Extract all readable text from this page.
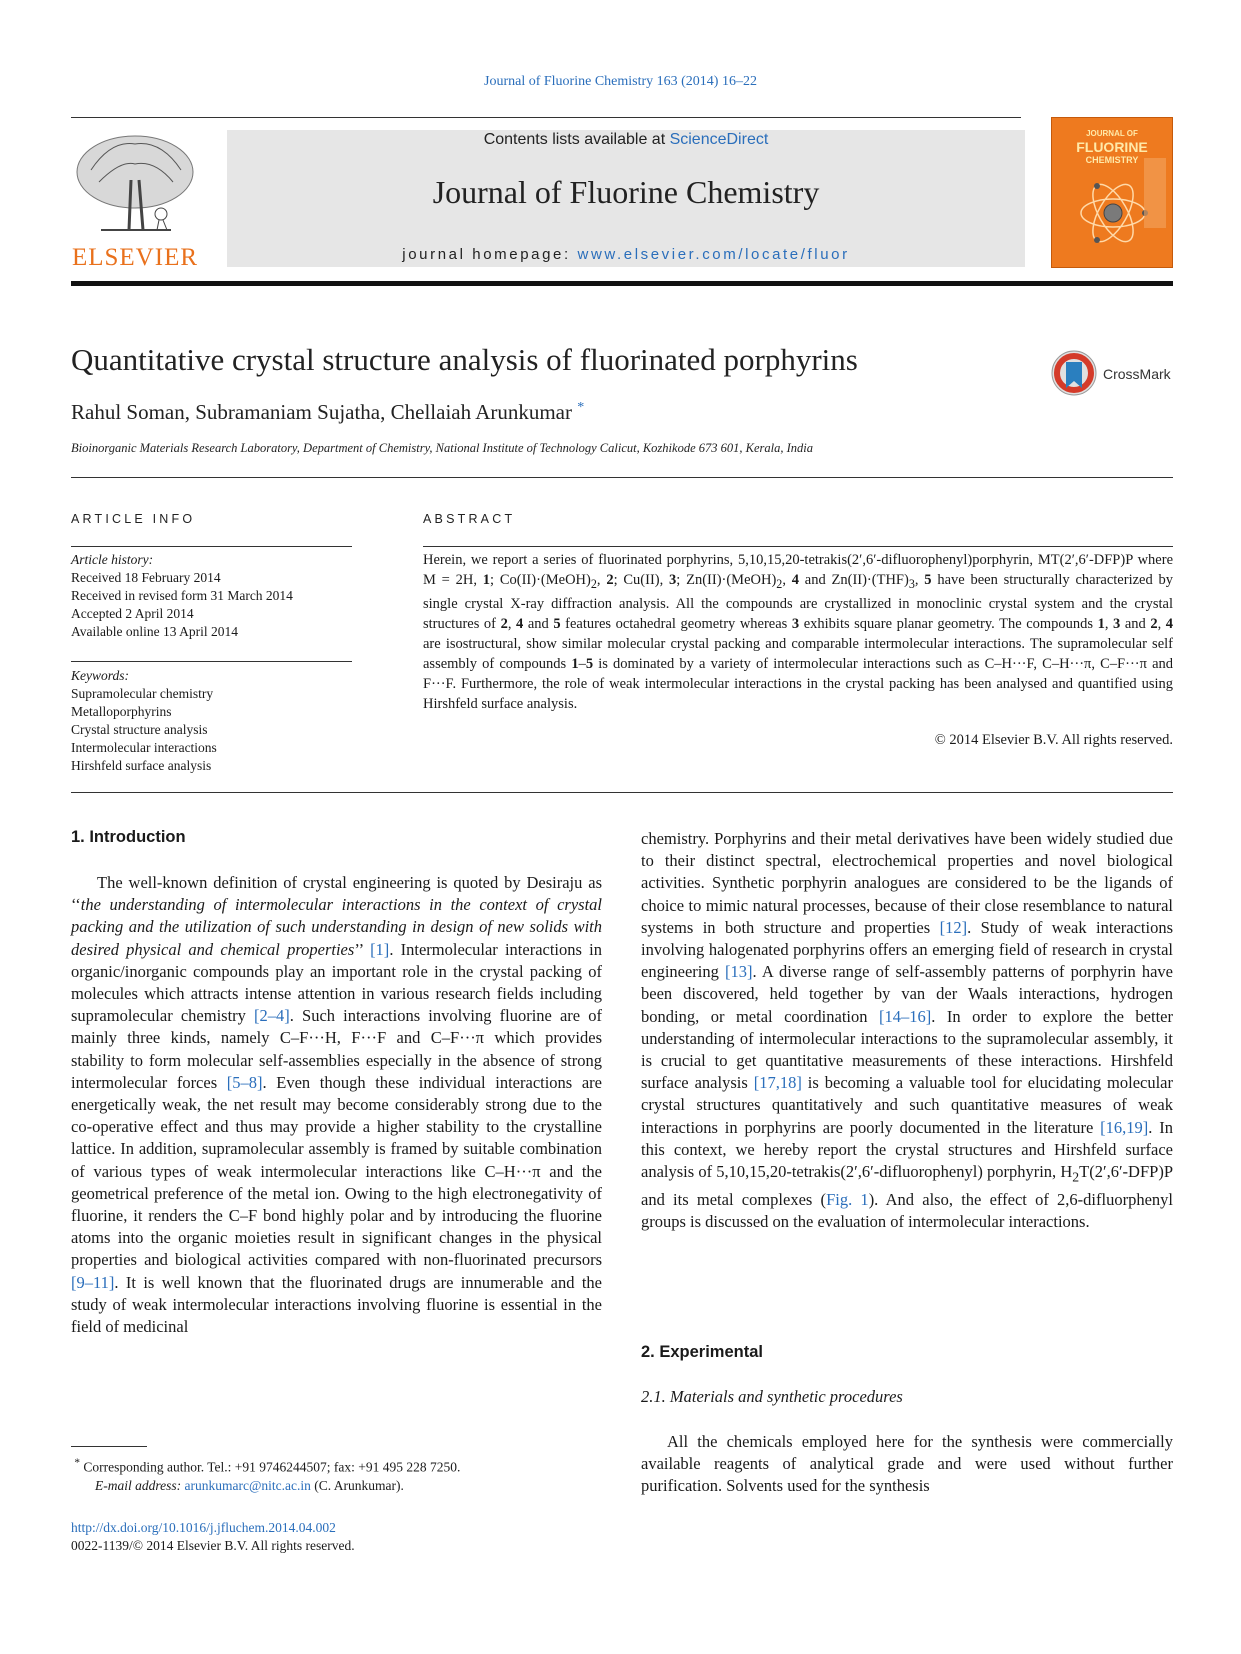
Journal of Fluorine Chemistry 163 (2014) 16–22
ELSEVIER
Contents lists available at ScienceDirect
Journal of Fluorine Chemistry
journal homepage: www.elsevier.com/locate/fluor
JOURNAL OF
FLUORINE
CHEMISTRY
Quantitative crystal structure analysis of fluorinated porphyrins	CrossMark
Rahul Soman, Subramaniam Sujatha, Chellaiah Arunkumar *
Bioinorganic Materials Research Laboratory, Department of Chemistry, National Institute of Technology Calicut, Kozhikode 673 601, Kerala, India
ARTICLE INFO	ABSTRACT
Article history:
Received 18 February 2014
Received in revised form 31 March 2014
Accepted 2 April 2014
Available online 13 April 2014
Keywords:
Supramolecular chemistry
Metalloporphyrins
Crystal structure analysis
Intermolecular interactions
Hirshfeld surface analysis
Herein, we report a series of fluorinated porphyrins, 5,10,15,20-tetrakis(2′,6′-difluorophenyl)porphyrin, MT(2′,6′-DFP)P where M = 2H, 1; $Co(II)\cdot(MeOH)_2$, 2; Cu(II), 3; $Zn(II)\cdot(MeOH)_2$, 4 and $Zn(II)\cdot(THF)_3$, 5 have been structurally characterized by single crystal X-ray diffraction analysis. All the compounds are crystallized in monoclinic crystal system and the crystal structures of 2, 4 and 5 features octahedral geometry whereas 3 exhibits square planar geometry. The compounds 1, 3 and 2, 4 are isostructural, show similar molecular crystal packing and comparable intermolecular interactions. The supramolecular self assembly of compounds 1–5 is dominated by a variety of intermolecular interactions such as C–H···F, C–H···π, C–F···π and F···F. Furthermore, the role of weak intermolecular interactions in the crystal packing has been analysed and quantified using Hirshfeld surface analysis.
© 2014 Elsevier B.V. All rights reserved.
1. Introduction
The well-known definition of crystal engineering is quoted by Desiraju as ‘‘the understanding of intermolecular interactions in the context of crystal packing and the utilization of such understanding in design of new solids with desired physical and chemical properties’’ [1]. Intermolecular interactions in organic/inorganic compounds play an important role in the crystal packing of molecules which attracts intense attention in various research fields including supramolecular chemistry [2–4]. Such interactions involving fluorine are of mainly three kinds, namely C–F···H, F···F and C–F···π which provides stability to form molecular self-assemblies especially in the absence of strong intermolecular forces [5–8]. Even though these individual interactions are energetically weak, the net result may become considerably strong due to the co-operative effect and thus may provide a higher stability to the crystalline lattice. In addition, supramolecular assembly is framed by suitable combination of various types of weak intermolecular interactions like C–H···π and the geometrical preference of the metal ion. Owing to the high electronegativity of fluorine, it renders the C–F bond highly polar and by introducing the fluorine atoms into the organic moieties result in significant changes in the physical properties and biological activities compared with non-fluorinated precursors [9–11]. It is well known that the fluorinated drugs are innumerable and the study of weak intermolecular interactions involving fluorine is essential in the field of medicinal
chemistry. Porphyrins and their metal derivatives have been widely studied due to their distinct spectral, electrochemical properties and novel biological activities. Synthetic porphyrin analogues are considered to be the ligands of choice to mimic natural processes, because of their close resemblance to natural systems in both structure and properties [12]. Study of weak interactions involving halogenated porphyrins offers an emerging field of research in crystal engineering [13]. A diverse range of self-assembly patterns of porphyrin have been discovered, held together by van der Waals interactions, hydrogen bonding, or metal coordination [14–16]. In order to explore the better understanding of intermolecular interactions to the supramolecular assembly, it is crucial to get quantitative measurements of these interactions. Hirshfeld surface analysis [17,18] is becoming a valuable tool for elucidating molecular crystal structures quantitatively and such quantitative measures of weak interactions in porphyrins are poorly documented in the literature [16,19]. In this context, we hereby report the crystal structures and Hirshfeld surface analysis of 5,10,15,20-tetrakis(2′,6′-difluorophenyl) porphyrin, $H_2T(2',6'-DFP)P$ and its metal complexes (Fig. 1). And also, the effect of 2,6-difluorphenyl groups is discussed on the evaluation of intermolecular interactions.
2. Experimental
2.1. Materials and synthetic procedures
All the chemicals employed here for the synthesis were commercially available reagents of analytical grade and were used without further purification. Solvents used for the synthesis
* Corresponding author. Tel.: +91 9746244507; fax: +91 495 228 7250.
E-mail address: arunkumarc@nitc.ac.in (C. Arunkumar).
http://dx.doi.org/10.1016/j.jfluchem.2014.04.002
0022-1139/© 2014 Elsevier B.V. All rights reserved.
